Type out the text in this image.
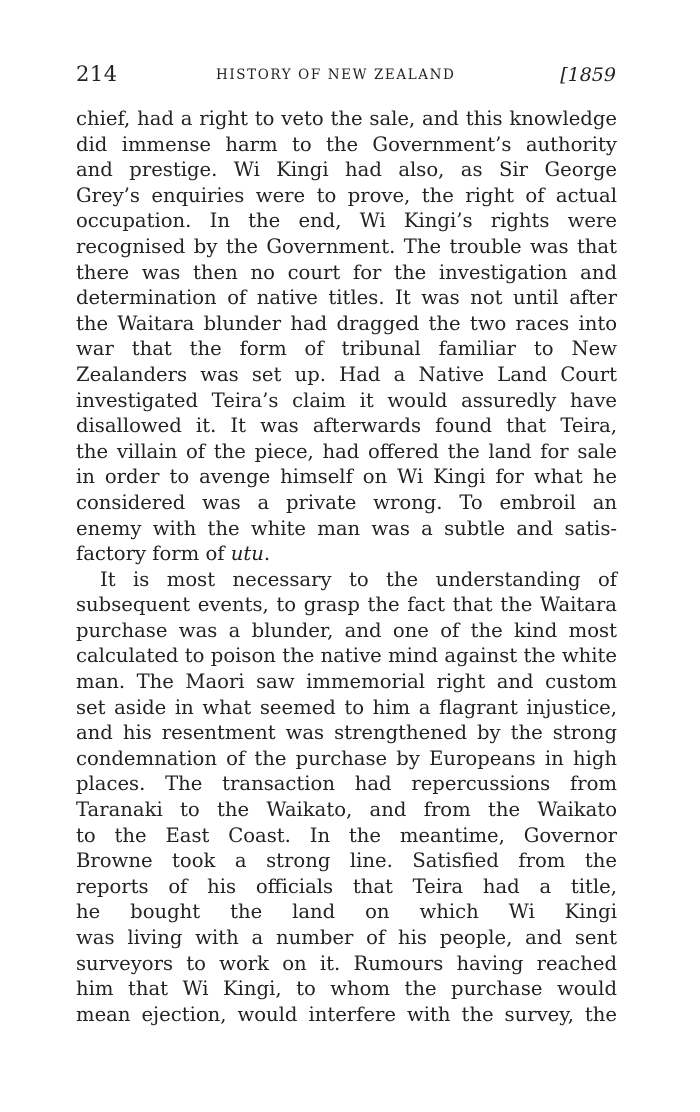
214	HISTORY OF NEW ZEALAND	[1859
chief, had a right to veto the sale, and this knowledge
did immense harm to the Government’s authority
and prestige. Wi Kingi had also, as Sir George
Grey’s enquiries were to prove, the right of actual
occupation. In the end, Wi Kingi’s rights were
recognised by the Government. The trouble was that
there was then no court for the investigation and
determination of native titles. It was not until after
the Waitara blunder had dragged the two races into
war that the form of tribunal familiar to New
Zealanders was set up. Had a Native Land Court
investigated Teira’s claim it would assuredly have
disallowed it. It was afterwards found that Teira,
the villain of the piece, had offered the land for sale
in order to avenge himself on Wi Kingi for what he
considered was a private wrong. To embroil an
enemy with the white man was a subtle and satis-
factory form of utu.
It is most necessary to the understanding of
subsequent events, to grasp the fact that the Waitara
purchase was a blunder, and one of the kind most
calculated to poison the native mind against the white
man. The Maori saw immemorial right and custom
set aside in what seemed to him a flagrant injustice,
and his resentment was strengthened by the strong
condemnation of the purchase by Europeans in high
places. The transaction had repercussions from
Taranaki to the Waikato, and from the Waikato
to the East Coast. In the meantime, Governor
Browne took a strong line. Satisfied from the
reports of his officials that Teira had a title,
he bought the land on which Wi Kingi
was living with a number of his people, and sent
surveyors to work on it. Rumours having reached
him that Wi Kingi, to whom the purchase would
mean ejection, would interfere with the survey, the
